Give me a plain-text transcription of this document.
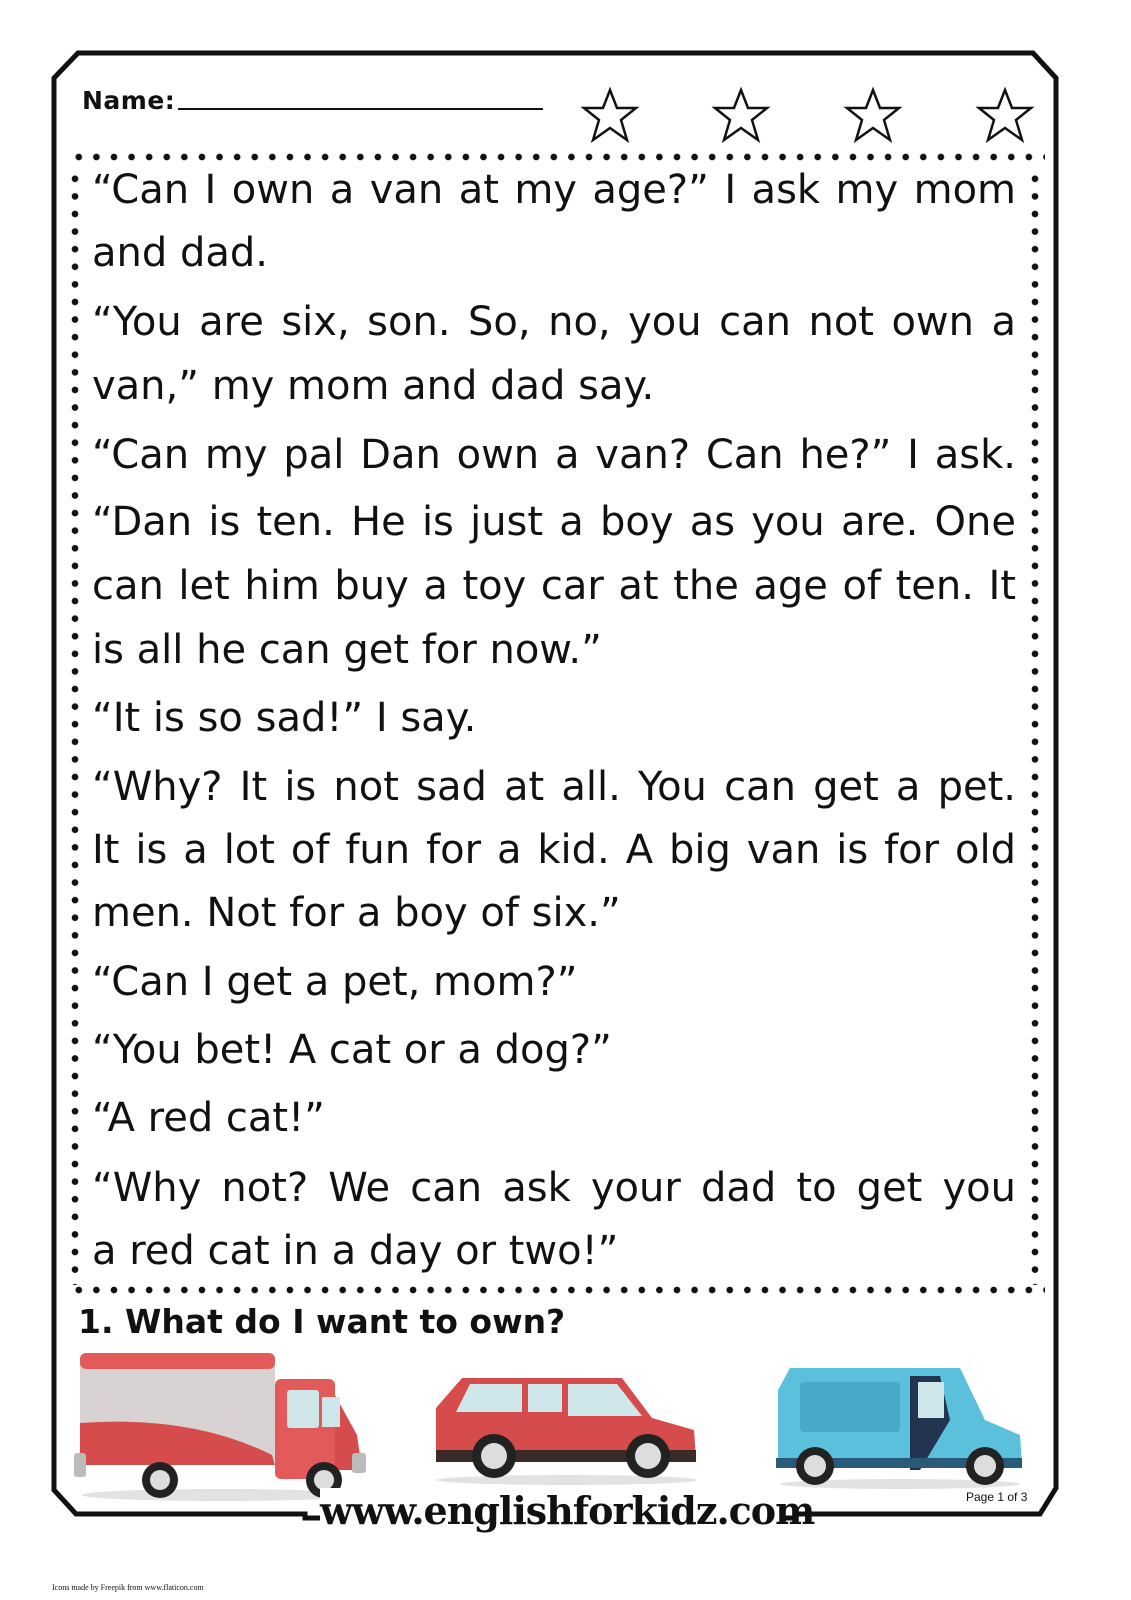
Name:
“Can I own a van at my age?” I ask my mom
and dad.
“You are six, son. So, no, you can not own a
van,” my mom and dad say.
“Can my pal Dan own a van? Can he?” I ask.
“Dan is ten. He is just a boy as you are. One
can let him buy a toy car at the age of ten. It
is all he can get for now.”
“It is so sad!” I say.
“Why? It is not sad at all. You can get a pet.
It is a lot of fun for a kid. A big van is for old
men. Not for a boy of six.”
“Can I get a pet, mom?”
“You bet! A cat or a dog?”
“A red cat!”
“Why not? We can ask your dad to get you
a red cat in a day or two!”
1. What do I want to own?
www.englishforkidz.com	Page 1 of 3
Icons made by Freepik from www.flaticon.com
